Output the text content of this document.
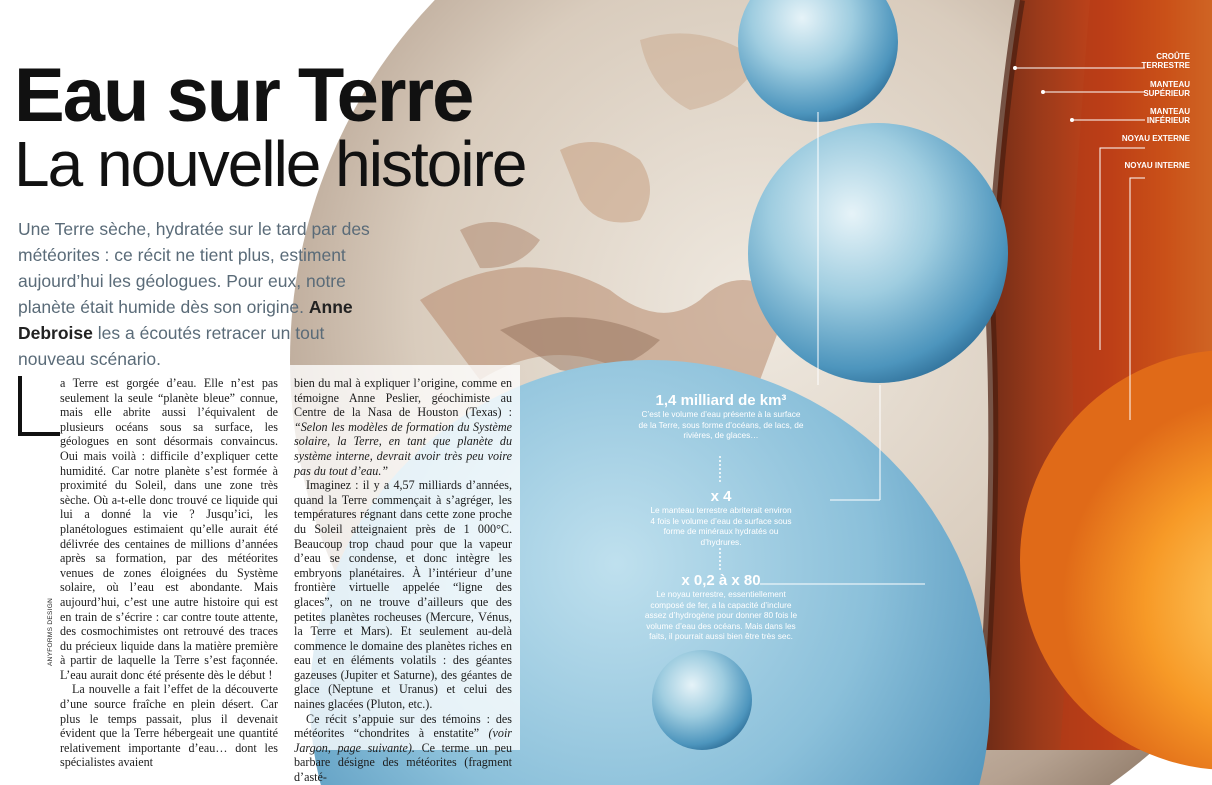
Eau sur Terre
La nouvelle histoire
Une Terre sèche, hydratée sur le tard par des météorites : ce récit ne tient plus, estiment aujourd’hui les géologues. Pour eux, notre planète était humide dès son origine. Anne Debroise les a écoutés retracer un tout nouveau scénario.

a Terre est gorgée d’eau. Elle n’est pas seulement la seule “planète bleue” connue, mais elle abrite aussi l’équivalent de plusieurs océans sous sa surface, les géologues en sont désormais convaincus. Oui mais voilà : difficile d’expliquer cette humidité. Car notre planète s’est formée à proximité du Soleil, dans une zone très sèche. Où a-t-elle donc trouvé ce liquide qui lui a donné la vie ? Jusqu’ici, les planétologues estimaient qu’elle aurait été délivrée des centaines de millions d’années après sa formation, par des météorites venues de zones éloignées du Système solaire, où l’eau est abondante. Mais aujourd’hui, c’est une autre histoire qui est en train de s’écrire : car contre toute attente, des cosmochimistes ont retrouvé des traces du précieux liquide dans la matière première à partir de laquelle la Terre s’est façonnée. L’eau aurait donc été présente dès le début !

La nouvelle a fait l’effet de la découverte d’une source fraîche en plein désert. Car plus le temps passait, plus il devenait évident que la Terre hébergeait une quantité relativement importante d’eau… dont les spécialistes avaient

bien du mal à expliquer l’origine, comme en témoigne Anne Peslier, géochimiste au Centre de la Nasa de Houston (Texas) : “Selon les modèles de formation du Système solaire, la Terre, en tant que planète du système interne, devrait avoir très peu voire pas du tout d’eau.”

Imaginez : il y a 4,57 milliards d’années, quand la Terre commençait à s’agréger, les températures régnant dans cette zone proche du Soleil atteignaient près de 1 000°C. Beaucoup trop chaud pour que la vapeur d’eau se condense, et donc intègre les embryons planétaires. À l’intérieur d’une frontière virtuelle appelée “ligne des glaces”, on ne trouve d’ailleurs que des petites planètes rocheuses (Mercure, Vénus, la Terre et Mars). Et seulement au-delà commence le domaine des planètes riches en eau et en éléments volatils : des géantes gazeuses (Jupiter et Saturne), des géantes de glace (Neptune et Uranus) et celui des naines glacées (Pluton, etc.).

Ce récit s’appuie sur des témoins : des météorites “chondrites à enstatite” (voir Jargon, page suivante). Ce terme un peu barbare désigne des météorites (fragment d’asté-

ANYFORMS DESIGN
CROÛTE TERRESTRE
MANTEAU SUPÉRIEUR
MANTEAU INFÉRIEUR
NOYAU EXTERNE
NOYAU INTERNE
1,4 milliard de km³
C’est le volume d’eau présente à la surface de la Terre, sous forme d’océans, de lacs, de rivières, de glaces…
x 4
Le manteau terrestre abriterait environ 4 fois le volume d’eau de surface sous forme de minéraux hydratés ou d’hydrures.
x 0,2 à x 80
Le noyau terrestre, essentiellement composé de fer, a la capacité d’inclure assez d’hydrogène pour donner 80 fois le volume d’eau des océans. Mais dans les faits, il pourrait aussi bien être très sec.
